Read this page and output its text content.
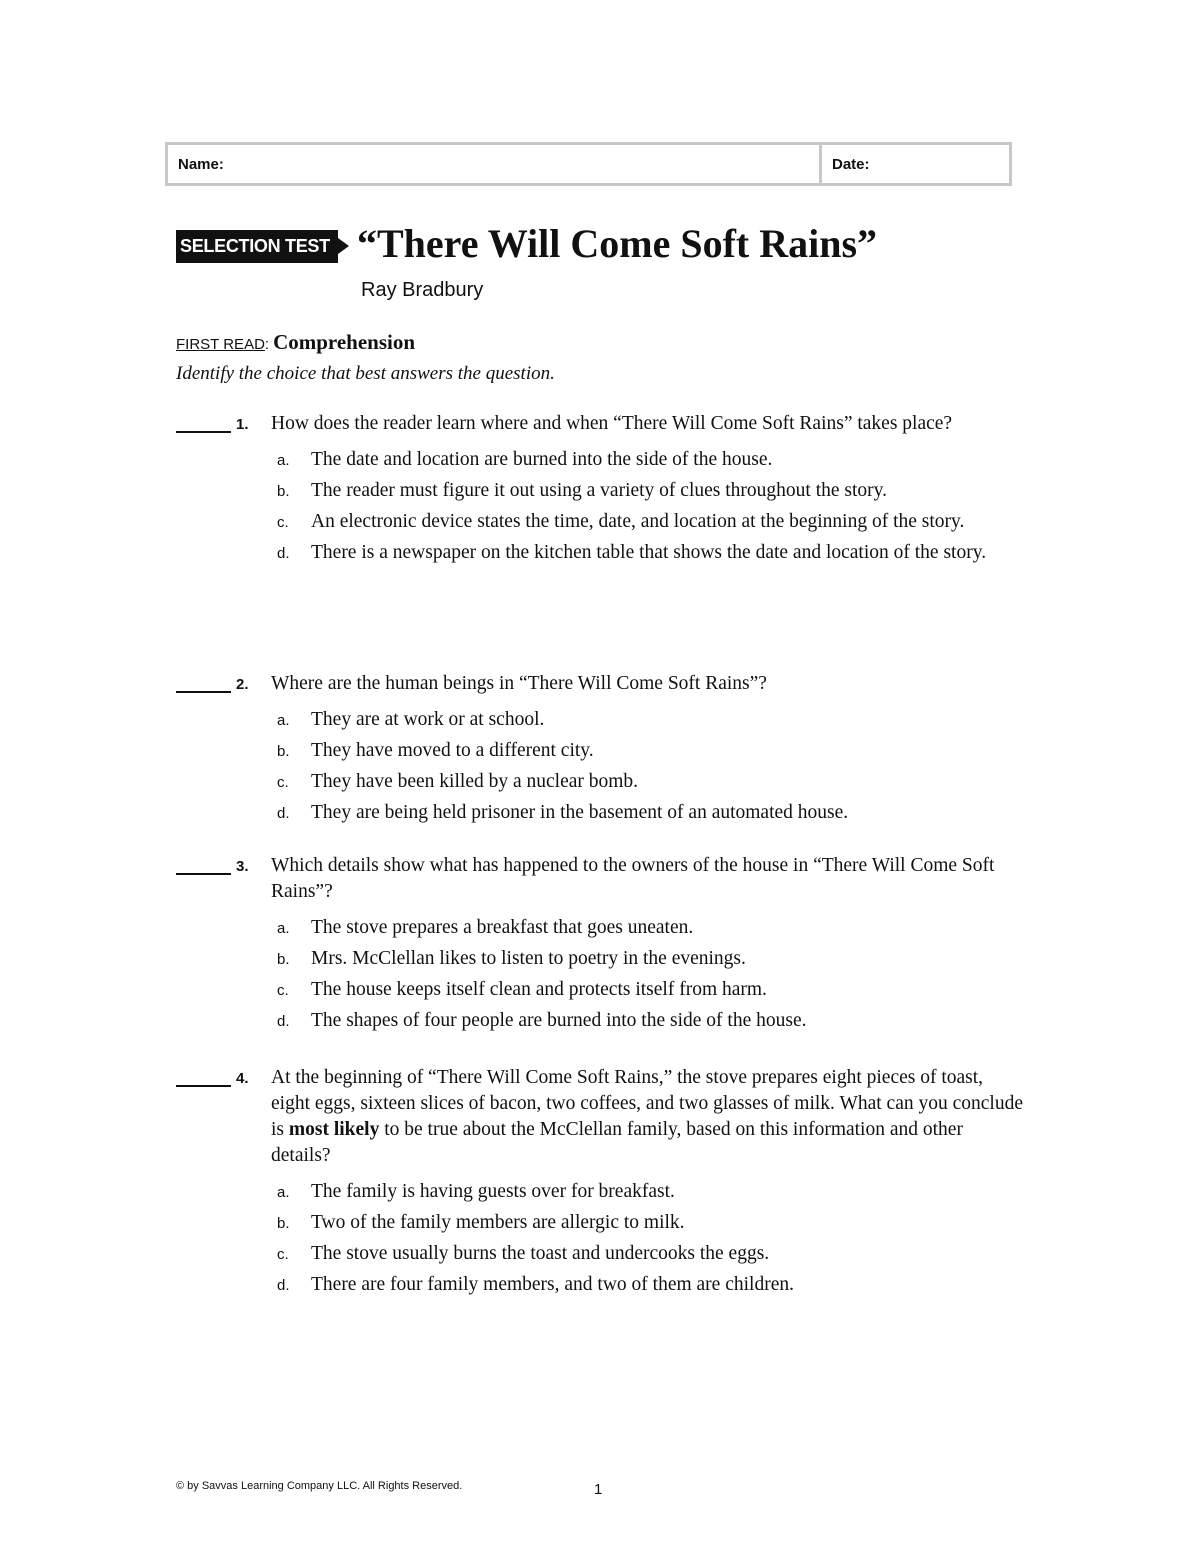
Name:	Date:
SELECTION TEST “There Will Come Soft Rains”
Ray Bradbury
FIRST READ: Comprehension
Identify the choice that best answers the question.
1. How does the reader learn where and when “There Will Come Soft Rains” takes place?
a. The date and location are burned into the side of the house.
b. The reader must figure it out using a variety of clues throughout the story.
c. An electronic device states the time, date, and location at the beginning of the story.
d. There is a newspaper on the kitchen table that shows the date and location of the story.
2. Where are the human beings in “There Will Come Soft Rains”?
a. They are at work or at school.
b. They have moved to a different city.
c. They have been killed by a nuclear bomb.
d. They are being held prisoner in the basement of an automated house.
3. Which details show what has happened to the owners of the house in “There Will Come Soft Rains”?
a. The stove prepares a breakfast that goes uneaten.
b. Mrs. McClellan likes to listen to poetry in the evenings.
c. The house keeps itself clean and protects itself from harm.
d. The shapes of four people are burned into the side of the house.
4. At the beginning of “There Will Come Soft Rains,” the stove prepares eight pieces of toast, eight eggs, sixteen slices of bacon, two coffees, and two glasses of milk. What can you conclude is most likely to be true about the McClellan family, based on this information and other details?
a. The family is having guests over for breakfast.
b. Two of the family members are allergic to milk.
c. The stove usually burns the toast and undercooks the eggs.
d. There are four family members, and two of them are children.
© by Savvas Learning Company LLC. All Rights Reserved.	1
